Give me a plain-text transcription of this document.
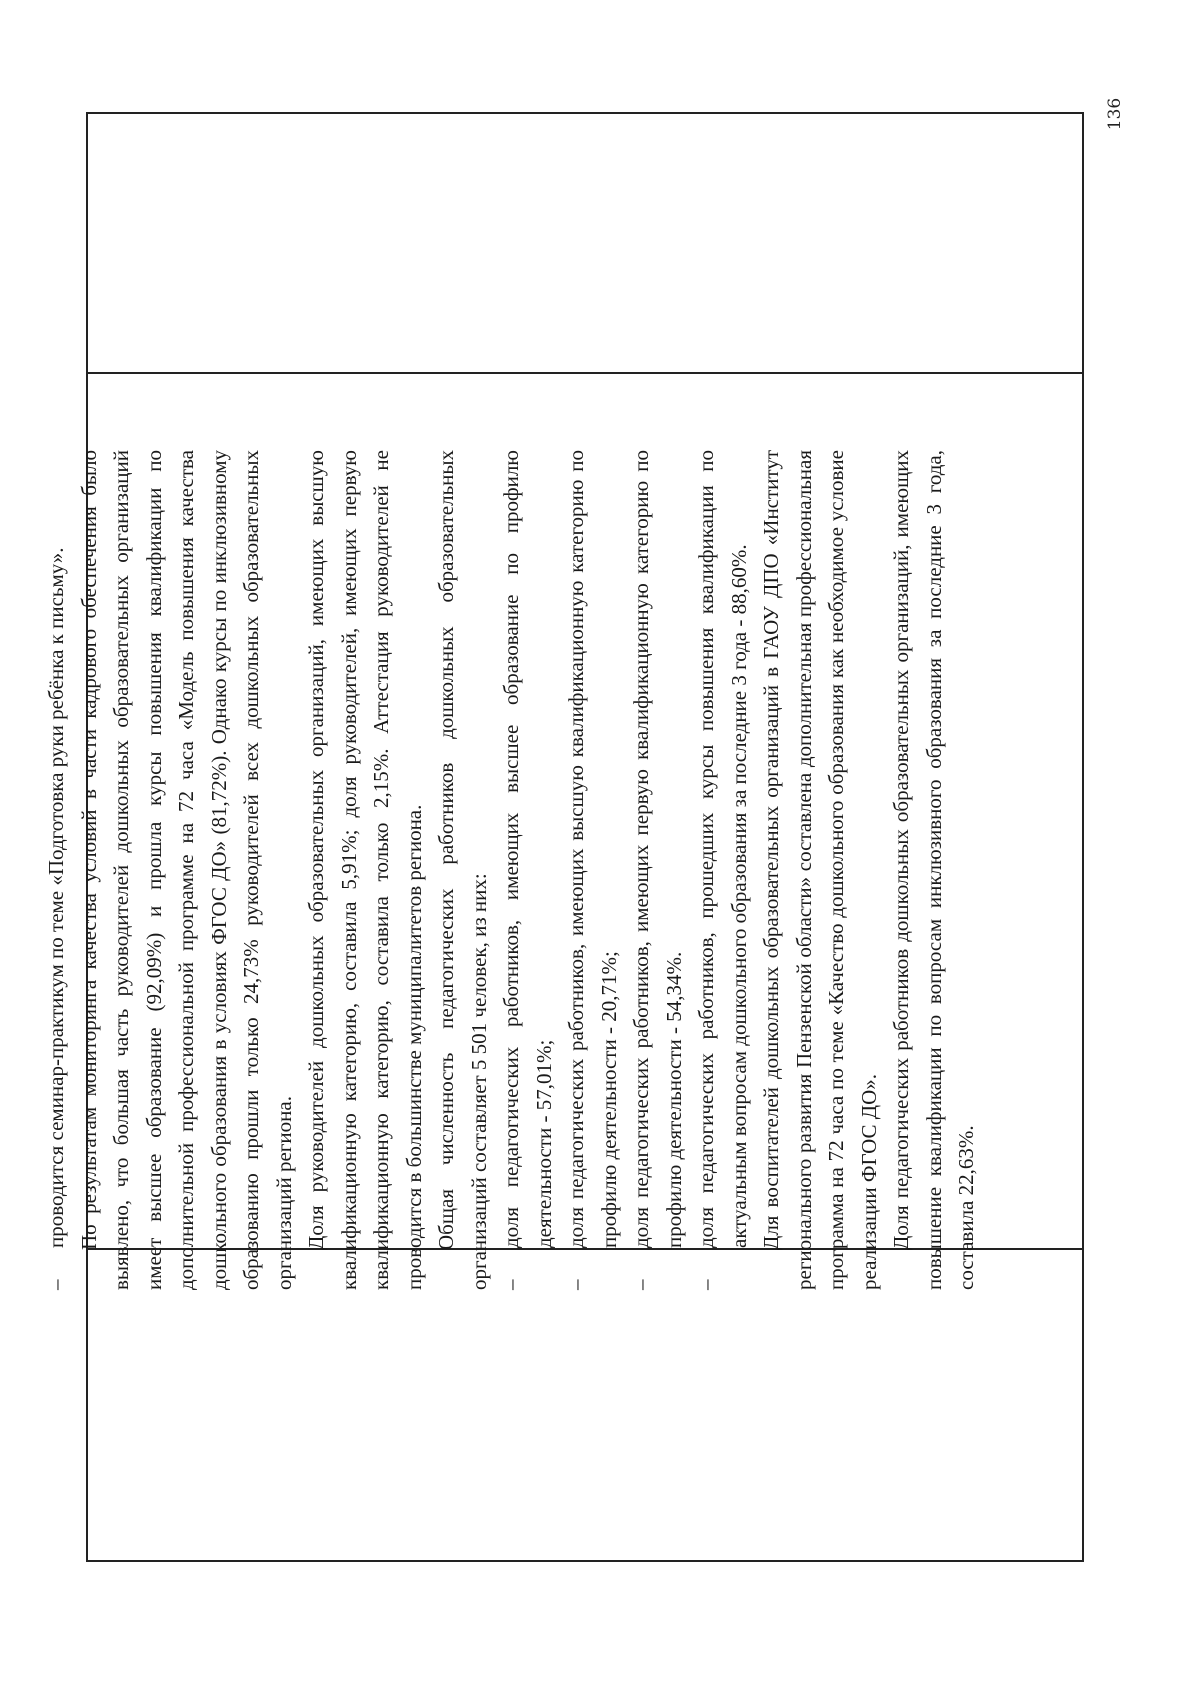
136

–
проводится семинар-практикум по теме «Подготовка руки ребёнка к письму». По результатам мониторинга качества условий в части кадрового обеспечения было выявлено, что большая часть руководителей дошкольных образовательных организаций имеет высшее образование (92,09%) и прошла курсы повышения квалификации по дополнительной профессиональной программе на 72 часа «Модель повышения качества дошкольного образования в условиях ФГОС ДО» (81,72%). Однако курсы по инклюзивному образованию прошли только 24,73% руководителей всех дошкольных образовательных организаций региона. Доля руководителей дошкольных образовательных организаций, имеющих высшую квалификационную категорию, составила 5,91%; доля руководителей, имеющих первую квалификационную категорию, составила только 2,15%. Аттестация руководителей не проводится в большинстве муниципалитетов региона. Общая численность педагогических работников дошкольных образовательных организаций составляет 5 501 человек, из них: –
доля педагогических работников, имеющих высшее образование по профилю деятельности - 57,01%;

–
доля педагогических работников, имеющих высшую квалификационную категорию по профилю деятельности - 20,71%;

–
доля педагогических работников, имеющих первую квалификационную категорию по профилю деятельности - 54,34%.

–
доля педагогических работников, прошедших курсы повышения квалификации по актуальным вопросам дошкольного образования за последние 3 года - 88,60%. Для воспитателей дошкольных образовательных организаций в ГАОУ ДПО «Институт регионального развития Пензенской области» составлена дополнительная профессиональная программа на 72 часа по теме «Качество дошкольного образования как необходимое условие реализации ФГОС ДО». Доля педагогических работников дошкольных образовательных организаций, имеющих повышение квалификации по вопросам инклюзивного образования за последние 3 года, составила 22,63%.
